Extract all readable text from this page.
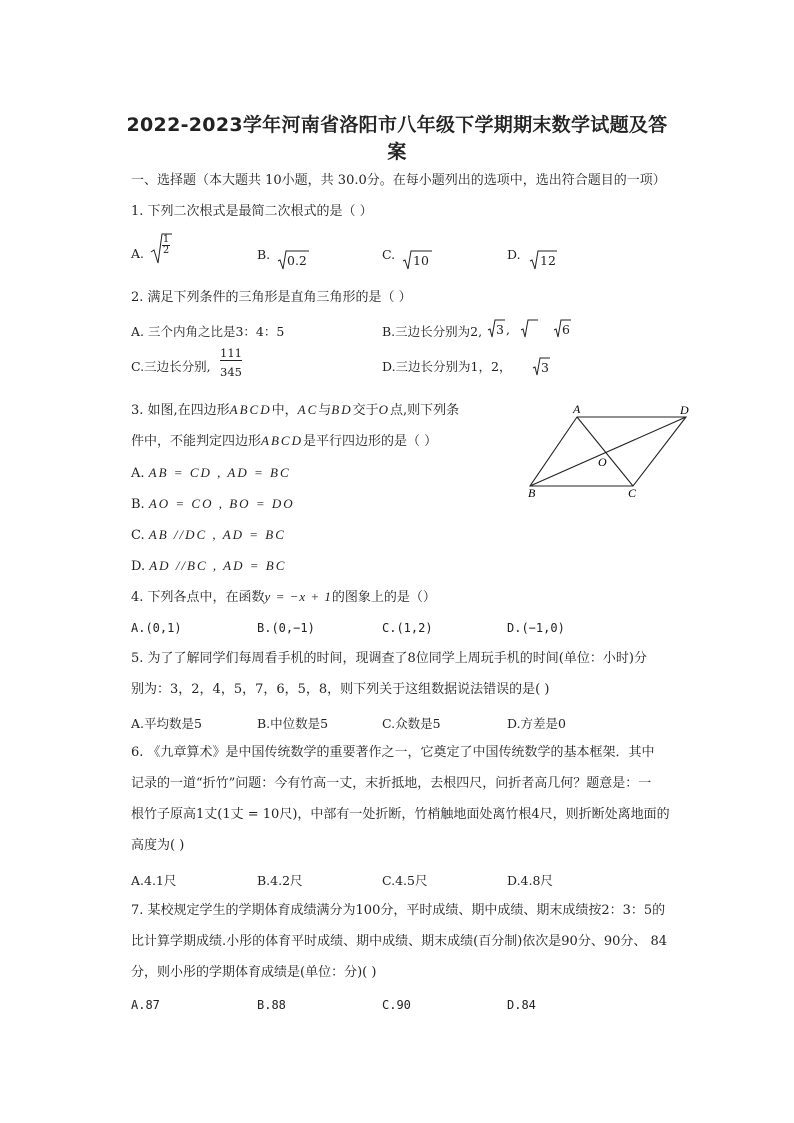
2022-2023学年河南省洛阳市八年级下学期期末数学试题及答
案
一、选择题（本大题共 10小题，共 30.0分。在每小题列出的选项中，选出符合题目的一项）
1. 下列二次根式是最简二次根式的是（ ）
A. $\frac{1}{2}$	B. 0.2	C. 10	D. 12
2. 满足下列条件的三角形是直角三角形的是（ ）
A. 三个内角之比是3：4：5	B.三边长分别为2, 3 ,	6
C.三边长分别, $\frac{111}{345}$	D.三边长分别为1，2， 3
3. 如图,在四边形ABCD中，AC与BD交于O点,则下列条
件中，不能判定四边形ABCD是平行四边形的是（ ）
A. AB = CD , AD = BC
B. AO = CO , BO = DO
C. AB //DC , AD = BC
D. AD //BC , AD = BC
A	D
B	C
O
4. 下列各点中，在函数y = −x + 1的图象上的是（）
A.(0,1)	B.(0,−1)	C.(1,2)	D.(−1,0)
5. 为了了解同学们每周看手机的时间，现调查了8位同学上周玩手机的时间(单位：小时)分
别为：3，2，4，5，7，6，5，8，则下列关于这组数据说法错误的是( )
A.平均数是5	B.中位数是5	C.众数是5	D.方差是0
6. 《九章算术》是中国传统数学的重要著作之一，它奠定了中国传统数学的基本框架．其中
记录的一道“折竹”问题：今有竹高一丈，末折抵地，去根四尺，问折者高几何？题意是：一
根竹子原高1丈(1丈 = 10尺)，中部有一处折断，竹梢触地面处离竹根4尺，则折断处离地面的
高度为( )
A.4.1尺	B.4.2尺	C.4.5尺	D.4.8尺
7. 某校规定学生的学期体育成绩满分为100分，平时成绩、期中成绩、期末成绩按2：3：5的
比计算学期成绩.小彤的体育平时成绩、期中成绩、期末成绩(百分制)依次是90分、90分、 84
分，则小彤的学期体育成绩是(单位：分)( )
A.87	B.88	C.90	D.84
